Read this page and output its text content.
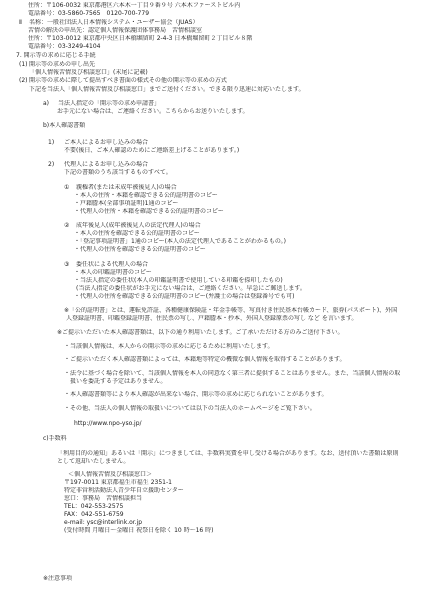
住所：〒106-0032 東京都港区六本木一丁目９番９号 六本木ファーストビル内
電話番号：03-5860-7565　0120-700-779
Ⅱ 名称：一般社団法人日本情報システム・ユーザー協会（JUAS）
苦情の解決の申出先：認定個人情報保護団体事務局　苦情相談室
住所：〒103-0012 東京都中央区日本橋堀留町 2-4-3 日本橋堀留町２丁目ビル８階
電話番号：03-3249-4104
7. 開示等の求めに応じる手続
(1) 開示等の求めの申し出先
「個人情報苦情及び相談窓口」(末尾に記載)
(2) 開示等の求めに際して提出すべき書面の様式その他の開示等の求めの方式
下記を当法人「個人情報苦情及び相談窓口」までご送付ください。できる限り迅速に対応いたします。
a) 当法人指定の「開示等の求め申請書」
お手元にない場合は、ご連絡ください。こちらからお送りいたします。
b)本人確認書類
1) ご本人によるお申し込みの場合
不要(後日、ご本人確認のためにご連絡差上げることがあります。)
2) 代理人によるお申し込みの場合
下記の書類のうち該当するものすべて。
① 親権者(または未成年被後見人)の場合
・本人の住所・本籍を確認できる公的証明書のコピー
・戸籍謄本(全部事項証明)1通のコピー
・代理人の住所・本籍を確認できる公的証明書のコピー
② 成年後見人(成年被後見人の法定代理人)の場合
・本人の住所を確認できる公的証明書のコピー
・「登記事項証明書」1通のコピー(本人の法定代理人であることがわかるもの。)
・代理人の住所を確認できる公的証明書のコピー
③ 委任状による代理人の場合
・本人の印鑑証明書のコピー
・当法人指定の委任状(本人の印鑑証明書で使用している印鑑を捺印したもの)
(当法人指定の委任状がお手元にない場合は、ご連絡ください。早急にご郵送します。
・代理人の住所を確認できる公的証明書のコピー(弁護士の場合は登録番号でも可)
※「公的証明書」とは、運転免許証、各種健康保険証・年金手帳等、写真付き住民基本台帳カード、旅券(パスポート)、外国
人登録証明書、印鑑登録証明書、住民票の写し、戸籍謄本・抄本、外国人登録原票の写し など を言います。
※ご提示いただいた本人確認書類は、以下の通り利用いたします。ご了承いただける方のみご送付下さい。
・当該個人情報は、本人からの開示等の求めに応じるために利用いたします。
・ご提示いただく本人確認書類によっては、本籍地等特定の機微な個人情報を取得することがあります。
・法令に基づく場合を除いて、当該個人情報を本人の同意なく第三者に提供することはありません。また、当該個人情報の取
扱いを委託する予定はありません。
・本人確認書類等により本人確認が出来ない場合、開示等の求めに応じられないことがあります。
・その他、当法人の個人情報の取扱いについては以下の当法人のホームページをご覧下さい。
http://www.npo-yso.jp/
c)手数料
「利用目的の通知」あるいは「開示」につきましては、手数料実費を申し受ける場合があります。なお、送付頂いた書類は原則
として返却いたしません。
＜個人情報苦情及び相談窓口＞
〒197-0011 東京都福生市福生 2351-1
特定非営利活動法人青少年自立援助センター
窓口：事務局　苦情相談担当
TEL：042-553-2575
FAX：042-551-6759
e-mail: ysc@interlink.or.jp
(受付時間 月曜日～金曜日 祝祭日を除く 10 時～16 時)
※注意事項
